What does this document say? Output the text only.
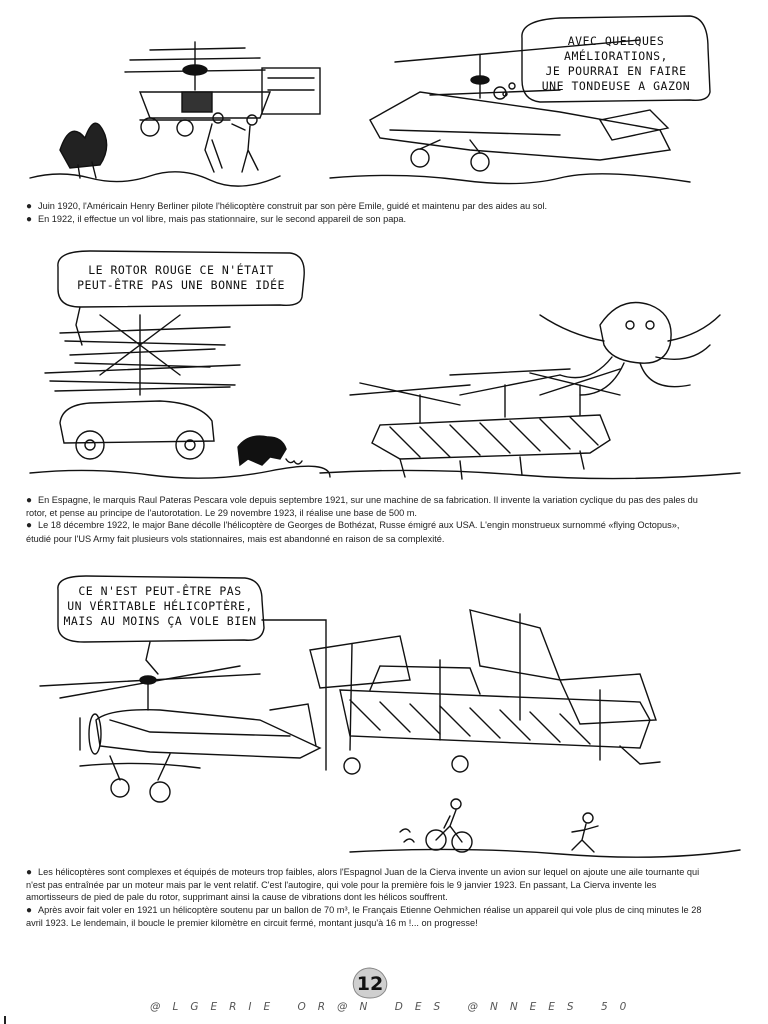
AVEC QUELQUES
AMÉLIORATIONS,
JE POURRAI EN FAIRE
UNE TONDEUSE A GAZON

● Juin 1920, l'Américain Henry Berliner pilote l'hélicoptère construit par son père Emile, guidé et maintenu par des aides au sol.

● En 1922, il effectue un vol libre, mais pas stationnaire, sur le second appareil de son papa.

LE ROTOR ROUGE CE N'ÉTAIT
PEUT-ÊTRE PAS UNE BONNE IDÉE

● En Espagne, le marquis Raul Pateras Pescara vole depuis septembre 1921, sur une machine de sa fabrication. Il invente la variation cyclique du pas des pales du rotor, et pense au principe de l'autorotation. Le 29 novembre 1923, il réalise une base de 500 m.

● Le 18 décembre 1922, le major Bane décolle l'hélicoptère de Georges de Bothézat, Russe émigré aux USA. L'engin monstrueux surnommé «flying Octopus», étudié pour l'US Army fait plusieurs vols stationnaires, mais est abandonné en raison de sa complexité.

CE N'EST PEUT-ÊTRE PAS
UN VÉRITABLE HÉLICOPTÈRE,
MAIS AU MOINS ÇA VOLE BIEN

● Les hélicoptères sont complexes et équipés de moteurs trop faibles, alors l'Espagnol Juan de la Cierva invente un avion sur lequel on ajoute une aile tournante qui n'est pas entraînée par un moteur mais par le vent relatif. C'est l'autogire, qui vole pour la première fois le 9 janvier 1923. En passant, La Cierva invente les amortisseurs de pied de pale du rotor, supprimant ainsi la cause de vibrations dont les hélicos souffrent.

● Après avoir fait voler en 1921 un hélicoptère soutenu par un ballon de 70 m³, le Français Etienne Oehmichen réalise un appareil qui vole plus de cinq minutes le 28 avril 1923. Le lendemain, il boucle le premier kilomètre en circuit fermé, montant jusqu'à 16 m !... on progresse!

12
@LGERIE OR@N DES @NNEES 50
